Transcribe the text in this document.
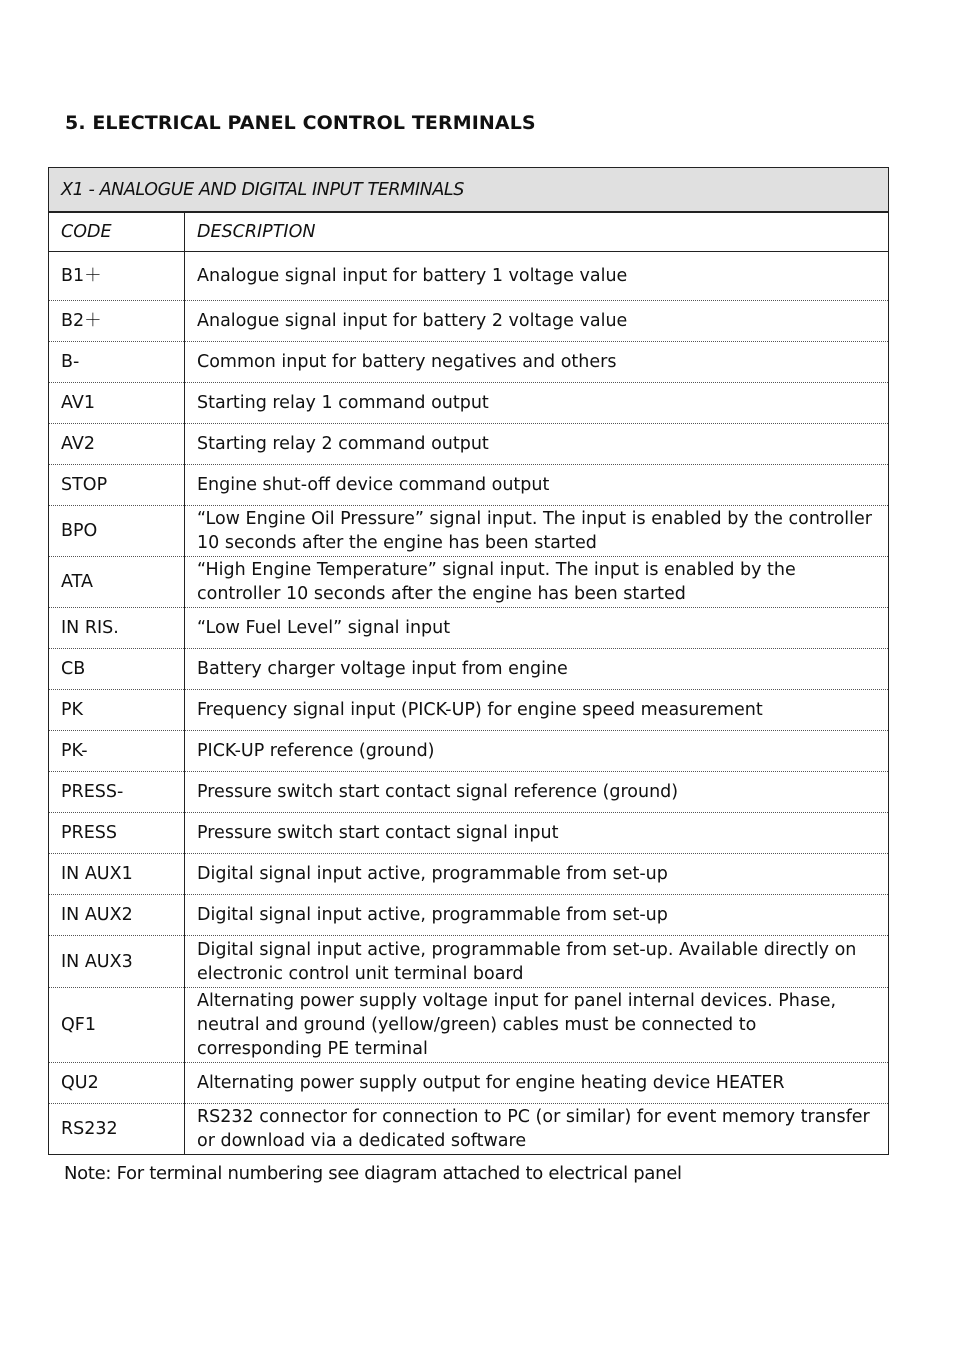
5. ELECTRICAL PANEL CONTROL TERMINALS
X1 - ANALOGUE AND DIGITAL INPUT TERMINALS	
CODE	DESCRIPTION
B1＋	Analogue signal input for battery 1 voltage value
B2＋	Analogue signal input for battery 2 voltage value
B-	Common input for battery negatives and others
AV1	Starting relay 1 command output
AV2	Starting relay 2 command output
STOP	Engine shut-off device command output
BPO	“Low Engine Oil Pressure” signal input. The input is enabled by the controller 10 seconds after the engine has been started
ATA	“High Engine Temperature” signal input. The input is enabled by the controller 10 seconds after the engine has been started
IN RIS.	“Low Fuel Level” signal input
CB	Battery charger voltage input from engine
PK	Frequency signal input (PICK-UP) for engine speed measurement
PK-	PICK-UP reference (ground)
PRESS-	Pressure switch start contact signal reference (ground)
PRESS	Pressure switch start contact signal input
IN AUX1	Digital signal input active, programmable from set-up
IN AUX2	Digital signal input active, programmable from set-up
IN AUX3	Digital signal input active, programmable from set-up. Available directly on electronic control unit terminal board
QF1	Alternating power supply voltage input for panel internal devices. Phase, neutral and ground (yellow/green) cables must be connected to corresponding PE terminal
QU2	Alternating power supply output for engine heating device HEATER
RS232	RS232 connector for connection to PC (or similar) for event memory transfer or download via a dedicated software
Note: For terminal numbering see diagram attached to electrical panel
